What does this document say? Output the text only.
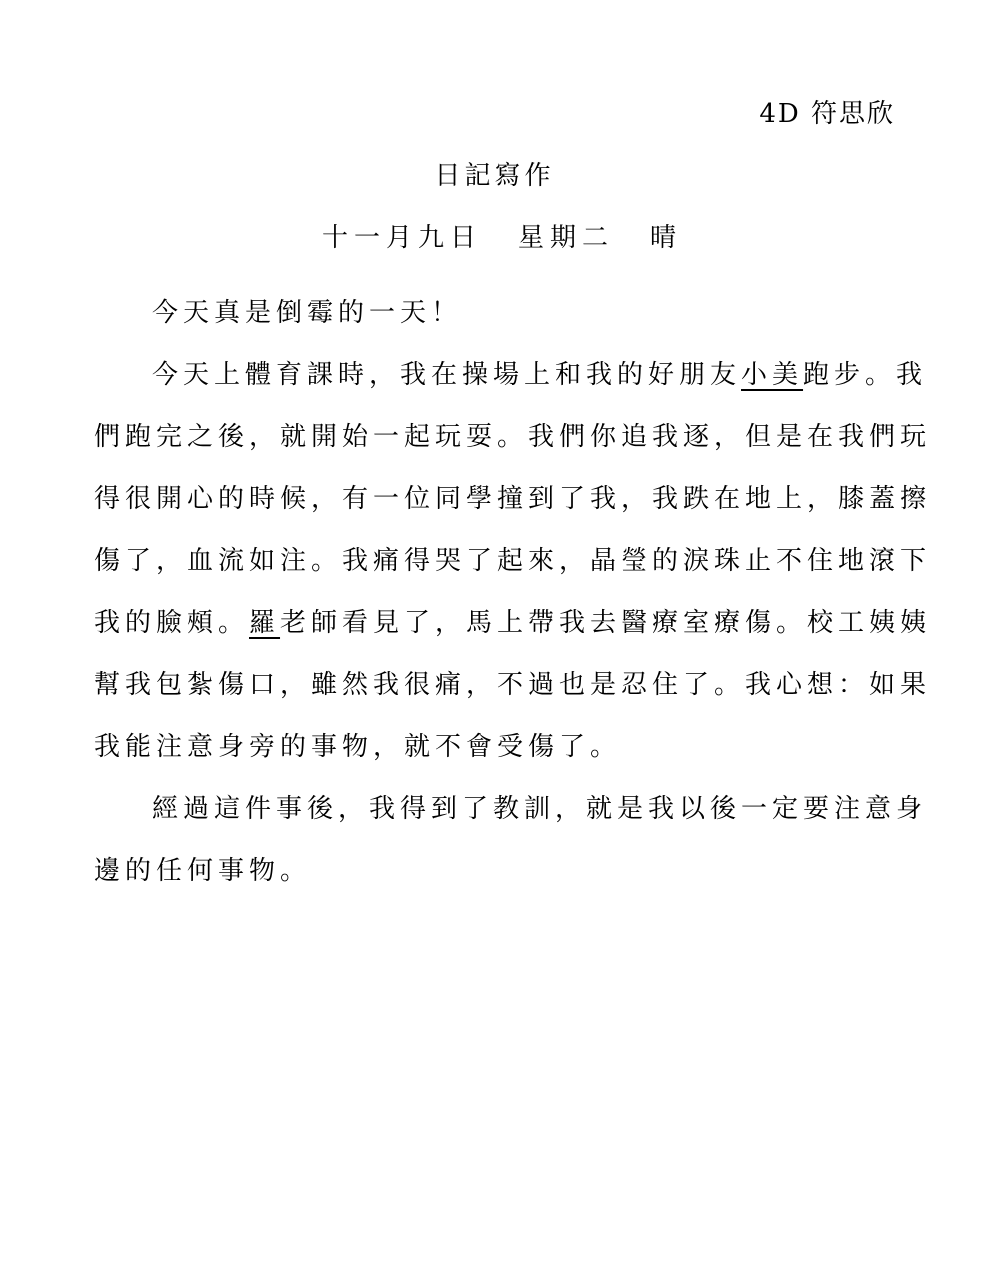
4D 符思欣
日記寫作
十一月九日 星期二 晴

今天真是倒霉的一天！

今天上體育課時，我在操場上和我的好朋友小美跑步。我
們跑完之後，就開始一起玩耍。我們你追我逐，但是在我們玩
得很開心的時候，有一位同學撞到了我，我跌在地上，膝蓋擦
傷了，血流如注。我痛得哭了起來，晶瑩的淚珠止不住地滾下
我的臉頰。羅老師看見了，馬上帶我去醫療室療傷。校工姨姨
幫我包紮傷口，雖然我很痛，不過也是忍住了。我心想：如果
我能注意身旁的事物，就不會受傷了。

經過這件事後，我得到了教訓，就是我以後一定要注意身
邊的任何事物。
